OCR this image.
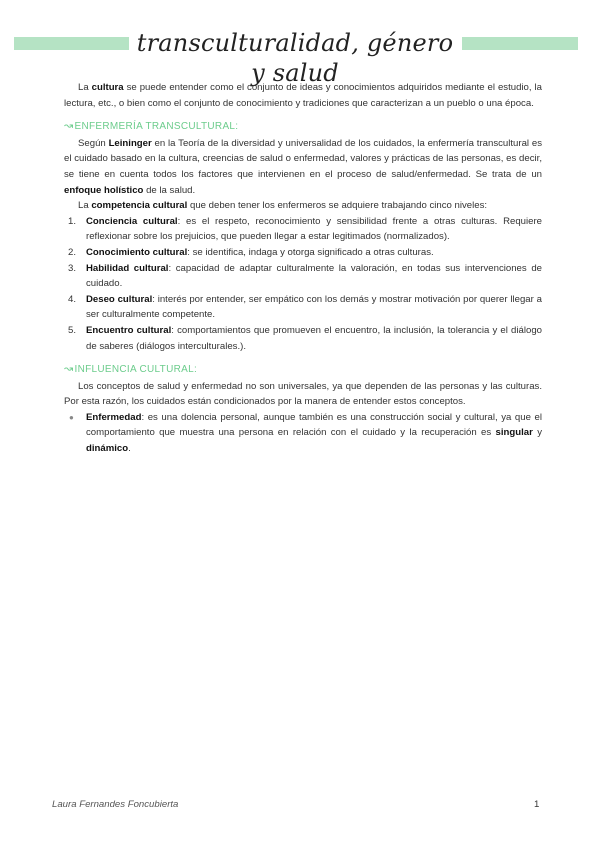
transculturalidad, género y salud

La cultura se puede entender como el conjunto de ideas y conocimientos adquiridos mediante el estudio, la lectura, etc., o bien como el conjunto de conocimiento y tradiciones que caracterizan a un pueblo o una época.

↝ENFERMERÍA TRANSCULTURAL:

Según Leininger en la Teoría de la diversidad y universalidad de los cuidados, la enfermería transcultural es el cuidado basado en la cultura, creencias de salud o enfermedad, valores y prácticas de las personas, es decir, se tiene en cuenta todos los factores que intervienen en el proceso de salud/enfermedad. Se trata de un enfoque holístico de la salud.

La competencia cultural que deben tener los enfermeros se adquiere trabajando cinco niveles:

1. Conciencia cultural: es el respeto, reconocimiento y sensibilidad frente a otras culturas. Requiere reflexionar sobre los prejuicios, que pueden llegar a estar legitimados (normalizados).
2. Conocimiento cultural: se identifica, indaga y otorga significado a otras culturas.
3. Habilidad cultural: capacidad de adaptar culturalmente la valoración, en todas sus intervenciones de cuidado.
4. Deseo cultural: interés por entender, ser empático con los demás y mostrar motivación por querer llegar a ser culturalmente competente.
5. Encuentro cultural: comportamientos que promueven el encuentro, la inclusión, la tolerancia y el diálogo de saberes (diálogos interculturales.).
↝INFLUENCIA CULTURAL:

Los conceptos de salud y enfermedad no son universales, ya que dependen de las personas y las culturas. Por esta razón, los cuidados están condicionados por la manera de entender estos conceptos.

● Enfermedad: es una dolencia personal, aunque también es una construcción social y cultural, ya que el comportamiento que muestra una persona en relación con el cuidado y la recuperación es singular y dinámico.
Laura Fernandes Foncubierta	1
